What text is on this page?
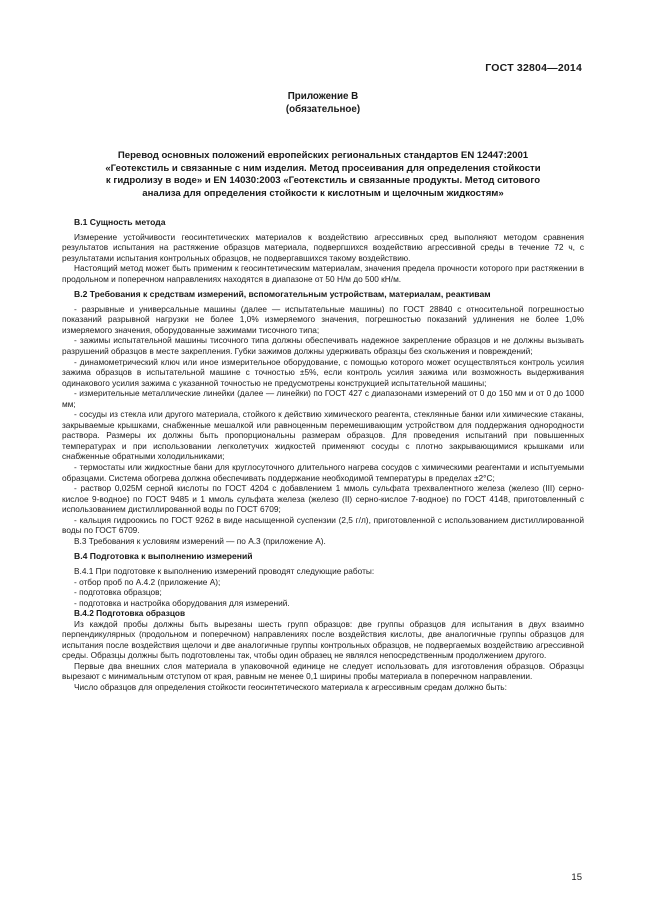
ГОСТ 32804—2014
Приложение В
(обязательное)
Перевод основных положений европейских региональных стандартов EN 12447:2001
«Геотекстиль и связанные с ним изделия. Метод просеивания для определения стойкости
к гидролизу в воде» и EN 14030:2003 «Геотекстиль и связанные продукты. Метод ситового
анализа для определения стойкости к кислотным и щелочным жидкостям»

В.1 Сущность метода

Измерение устойчивости геосинтетических материалов к воздействию агрессивных сред выполняют методом сравнения результатов испытания на растяжение образцов материала, подвергшихся воздействию агрессивной среды в течение 72 ч, с результатами испытания контрольных образцов, не подвергавшихся такому воздействию.

Настоящий метод может быть применим к геосинтетическим материалам, значения предела прочности которого при растяжении в продольном и поперечном направлениях находятся в диапазоне от 50 Н/м до 500 кН/м.

В.2 Требования к средствам измерений, вспомогательным устройствам, материалам, реактивам

- разрывные и универсальные машины (далее — испытательные машины) по ГОСТ 28840 с относительной погрешностью показаний разрывной нагрузки не более 1,0% измеряемого значения, погрешностью показаний удлинения не более 1,0% измеряемого значения, оборудованные зажимами тисочного типа;

- зажимы испытательной машины тисочного типа должны обеспечивать надежное закрепление образцов и не должны вызывать разрушений образцов в месте закрепления. Губки зажимов должны удерживать образцы без скольжения и повреждений;

- динамометрический ключ или иное измерительное оборудование, с помощью которого может осуществляться контроль усилия зажима образцов в испытательной машине с точностью ±5%, если контроль усилия зажима или возможность выдерживания одинакового усилия зажима с указанной точностью не предусмотрены конструкцией испытательной машины;

- измерительные металлические линейки (далее — линейки) по ГОСТ 427 с диапазонами измерений от 0 до 150 мм и от 0 до 1000 мм;

- сосуды из стекла или другого материала, стойкого к действию химического реагента, стеклянные банки или химические стаканы, закрываемые крышками, снабженные мешалкой или равноценным перемешивающим устройством для поддержания однородности раствора. Размеры их должны быть пропорциональны размерам образцов. Для проведения испытаний при повышенных температурах и при использовании легколетучих жидкостей применяют сосуды с плотно закрывающимися крышками или снабженные обратными холодильниками;

- термостаты или жидкостные бани для круглосуточного длительного нагрева сосудов с химическими реагентами и испытуемыми образцами. Система обогрева должна обеспечивать поддержание необходимой температуры в пределах ±2°С;

- раствор 0,025М серной кислоты по ГОСТ 4204 с добавлением 1 ммоль сульфата трехвалентного железа (железо (III) серно-кислое 9-водное) по ГОСТ 9485 и 1 ммоль сульфата железа (железо (II) серно-кислое 7-водное) по ГОСТ 4148, приготовленный с использованием дистиллированной воды по ГОСТ 6709;

- кальция гидроокись по ГОСТ 9262 в виде насыщенной суспензии (2,5 г/л), приготовленной с использованием дистиллированной воды по ГОСТ 6709.

В.3 Требования к условиям измерений — по А.3 (приложение А).

В.4 Подготовка к выполнению измерений

В.4.1 При подготовке к выполнению измерений проводят следующие работы:

- отбор проб по А.4.2 (приложение А);

- подготовка образцов;

- подготовка и настройка оборудования для измерений.

В.4.2 Подготовка образцов

Из каждой пробы должны быть вырезаны шесть групп образцов: две группы образцов для испытания в двух взаимно перпендикулярных (продольном и поперечном) направлениях после воздействия кислоты, две аналогичные группы образцов для испытания после воздействия щелочи и две аналогичные группы контрольных образцов, не подвергаемых воздействию агрессивной среды. Образцы должны быть подготовлены так, чтобы один образец не являлся непосредственным продолжением другого.

Первые два внешних слоя материала в упаковочной единице не следует использовать для изготовления образцов. Образцы вырезают с минимальным отступом от края, равным не менее 0,1 ширины пробы материала в поперечном направлении.

Число образцов для определения стойкости геосинтетического материала к агрессивным средам должно быть:

15
